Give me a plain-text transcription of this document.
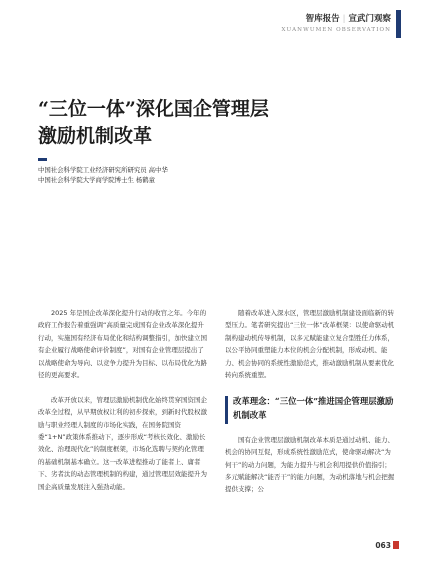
智库报告 | 宣武门观察
XUANWUMEN OBSERVATION
“三位一体”深化国企管理层
激励机制改革
中国社会科学院工业经济研究所研究员 高中华
中国社会科学院大学商学院博士生 杨鹤童

2025 年是国企改革深化提升行动的收官之年。今年的政府工作报告着重强调“高质量完成国有企业改革深化提升行动，实施国有经济布局优化和结构调整指引，加快建立国有企业履行战略使命评价制度”，对国有企业管理层提出了以战略使命为导向、以竞争力提升为目标、以布局优化为路径的更高要求。

改革开放以来，管理层激励机制优化始终贯穿国资国企改革全过程，从早期放权让利的初步探索，到新时代股权激励与职业经理人制度的市场化实践，在国务院国资委“1+N”政策体系推动下，逐步形成“考核长效化、激励长效化、治理现代化”的制度框架，市场化选聘与契约化管理的基础机制基本确立。这一改革进程推动了能者上、庸者下、劣者汰的动态管理机制的构建，通过管理层效能提升为国企高质量发展注入强劲动能。

随着改革进入深水区，管理层激励机制建设面临新的转型压力。笔者研究提出“三位一体”改革框架：以使命驱动机制构建动机传导机制，以多元赋能建立复合型胜任力体系，以公平协同重塑能力本位的机会分配机制，形成动机、能力、机会协同的系统性激励范式，推动激励机制从要素优化转向系统重塑。

改革理念：“三位一体”推进国企管理层激励机制改革

国有企业管理层激励机制改革本质是通过动机、能力、机会的协同互促，形成系统性激励范式，使命驱动解决“为何干”的动力问题，为能力提升与机会利用提供价值指引；多元赋能解决“能否干”的能力问题，为动机落地与机会把握提供支撑；公

063
